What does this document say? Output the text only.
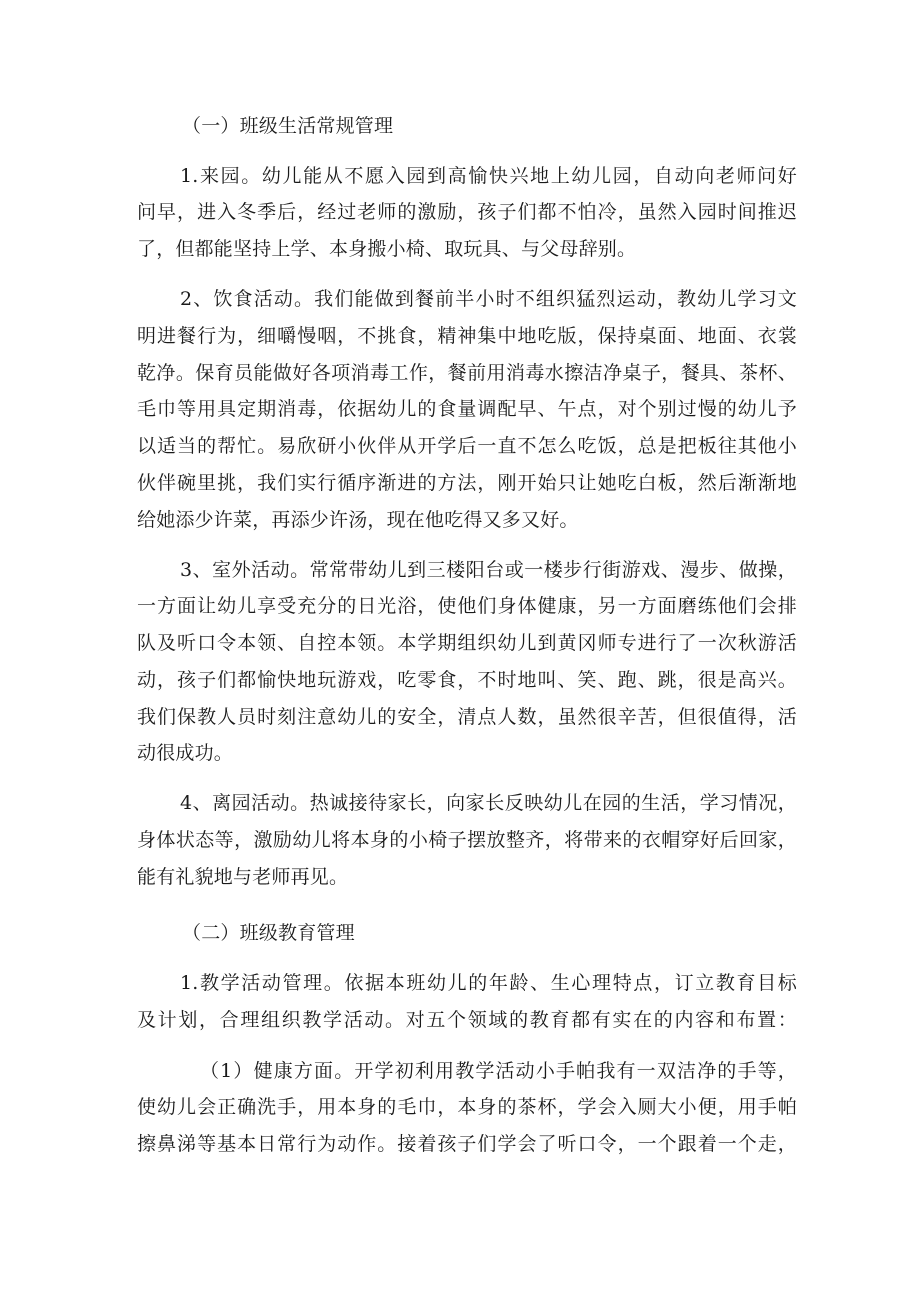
（一）班级生活常规管理
1.来园。幼儿能从不愿入园到高愉快兴地上幼儿园，自动向老师问好
问早，进入冬季后，经过老师的激励，孩子们都不怕冷，虽然入园时间推迟
了，但都能坚持上学、本身搬小椅、取玩具、与父母辞别。
2、饮食活动。我们能做到餐前半小时不组织猛烈运动，教幼儿学习文
明进餐行为，细嚼慢咽，不挑食，精神集中地吃版，保持桌面、地面、衣裳
乾净。保育员能做好各项消毒工作，餐前用消毒水擦洁净桌子，餐具、茶杯、
毛巾等用具定期消毒，依据幼儿的食量调配早、午点，对个别过慢的幼儿予
以适当的帮忙。易欣研小伙伴从开学后一直不怎么吃饭，总是把板往其他小
伙伴碗里挑，我们实行循序渐进的方法，刚开始只让她吃白板，然后渐渐地
给她添少许菜，再添少许汤，现在他吃得又多又好。
3、室外活动。常常带幼儿到三楼阳台或一楼步行街游戏、漫步、做操，
一方面让幼儿享受充分的日光浴，使他们身体健康，另一方面磨练他们会排
队及听口令本领、自控本领。本学期组织幼儿到黄冈师专进行了一次秋游活
动，孩子们都愉快地玩游戏，吃零食，不时地叫、笑、跑、跳，很是高兴。
我们保教人员时刻注意幼儿的安全，清点人数，虽然很辛苦，但很值得，活
动很成功。
4、离园活动。热诚接待家长，向家长反映幼儿在园的生活，学习情况，
身体状态等，激励幼儿将本身的小椅子摆放整齐，将带来的衣帽穿好后回家，
能有礼貌地与老师再见。
（二）班级教育管理
1.教学活动管理。依据本班幼儿的年龄、生心理特点，订立教育目标
及计划，合理组织教学活动。对五个领域的教育都有实在的内容和布置：
（1）健康方面。开学初利用教学活动小手帕我有一双洁净的手等，
使幼儿会正确洗手，用本身的毛巾，本身的茶杯，学会入厕大小便，用手帕
擦鼻涕等基本日常行为动作。接着孩子们学会了听口令，一个跟着一个走，
